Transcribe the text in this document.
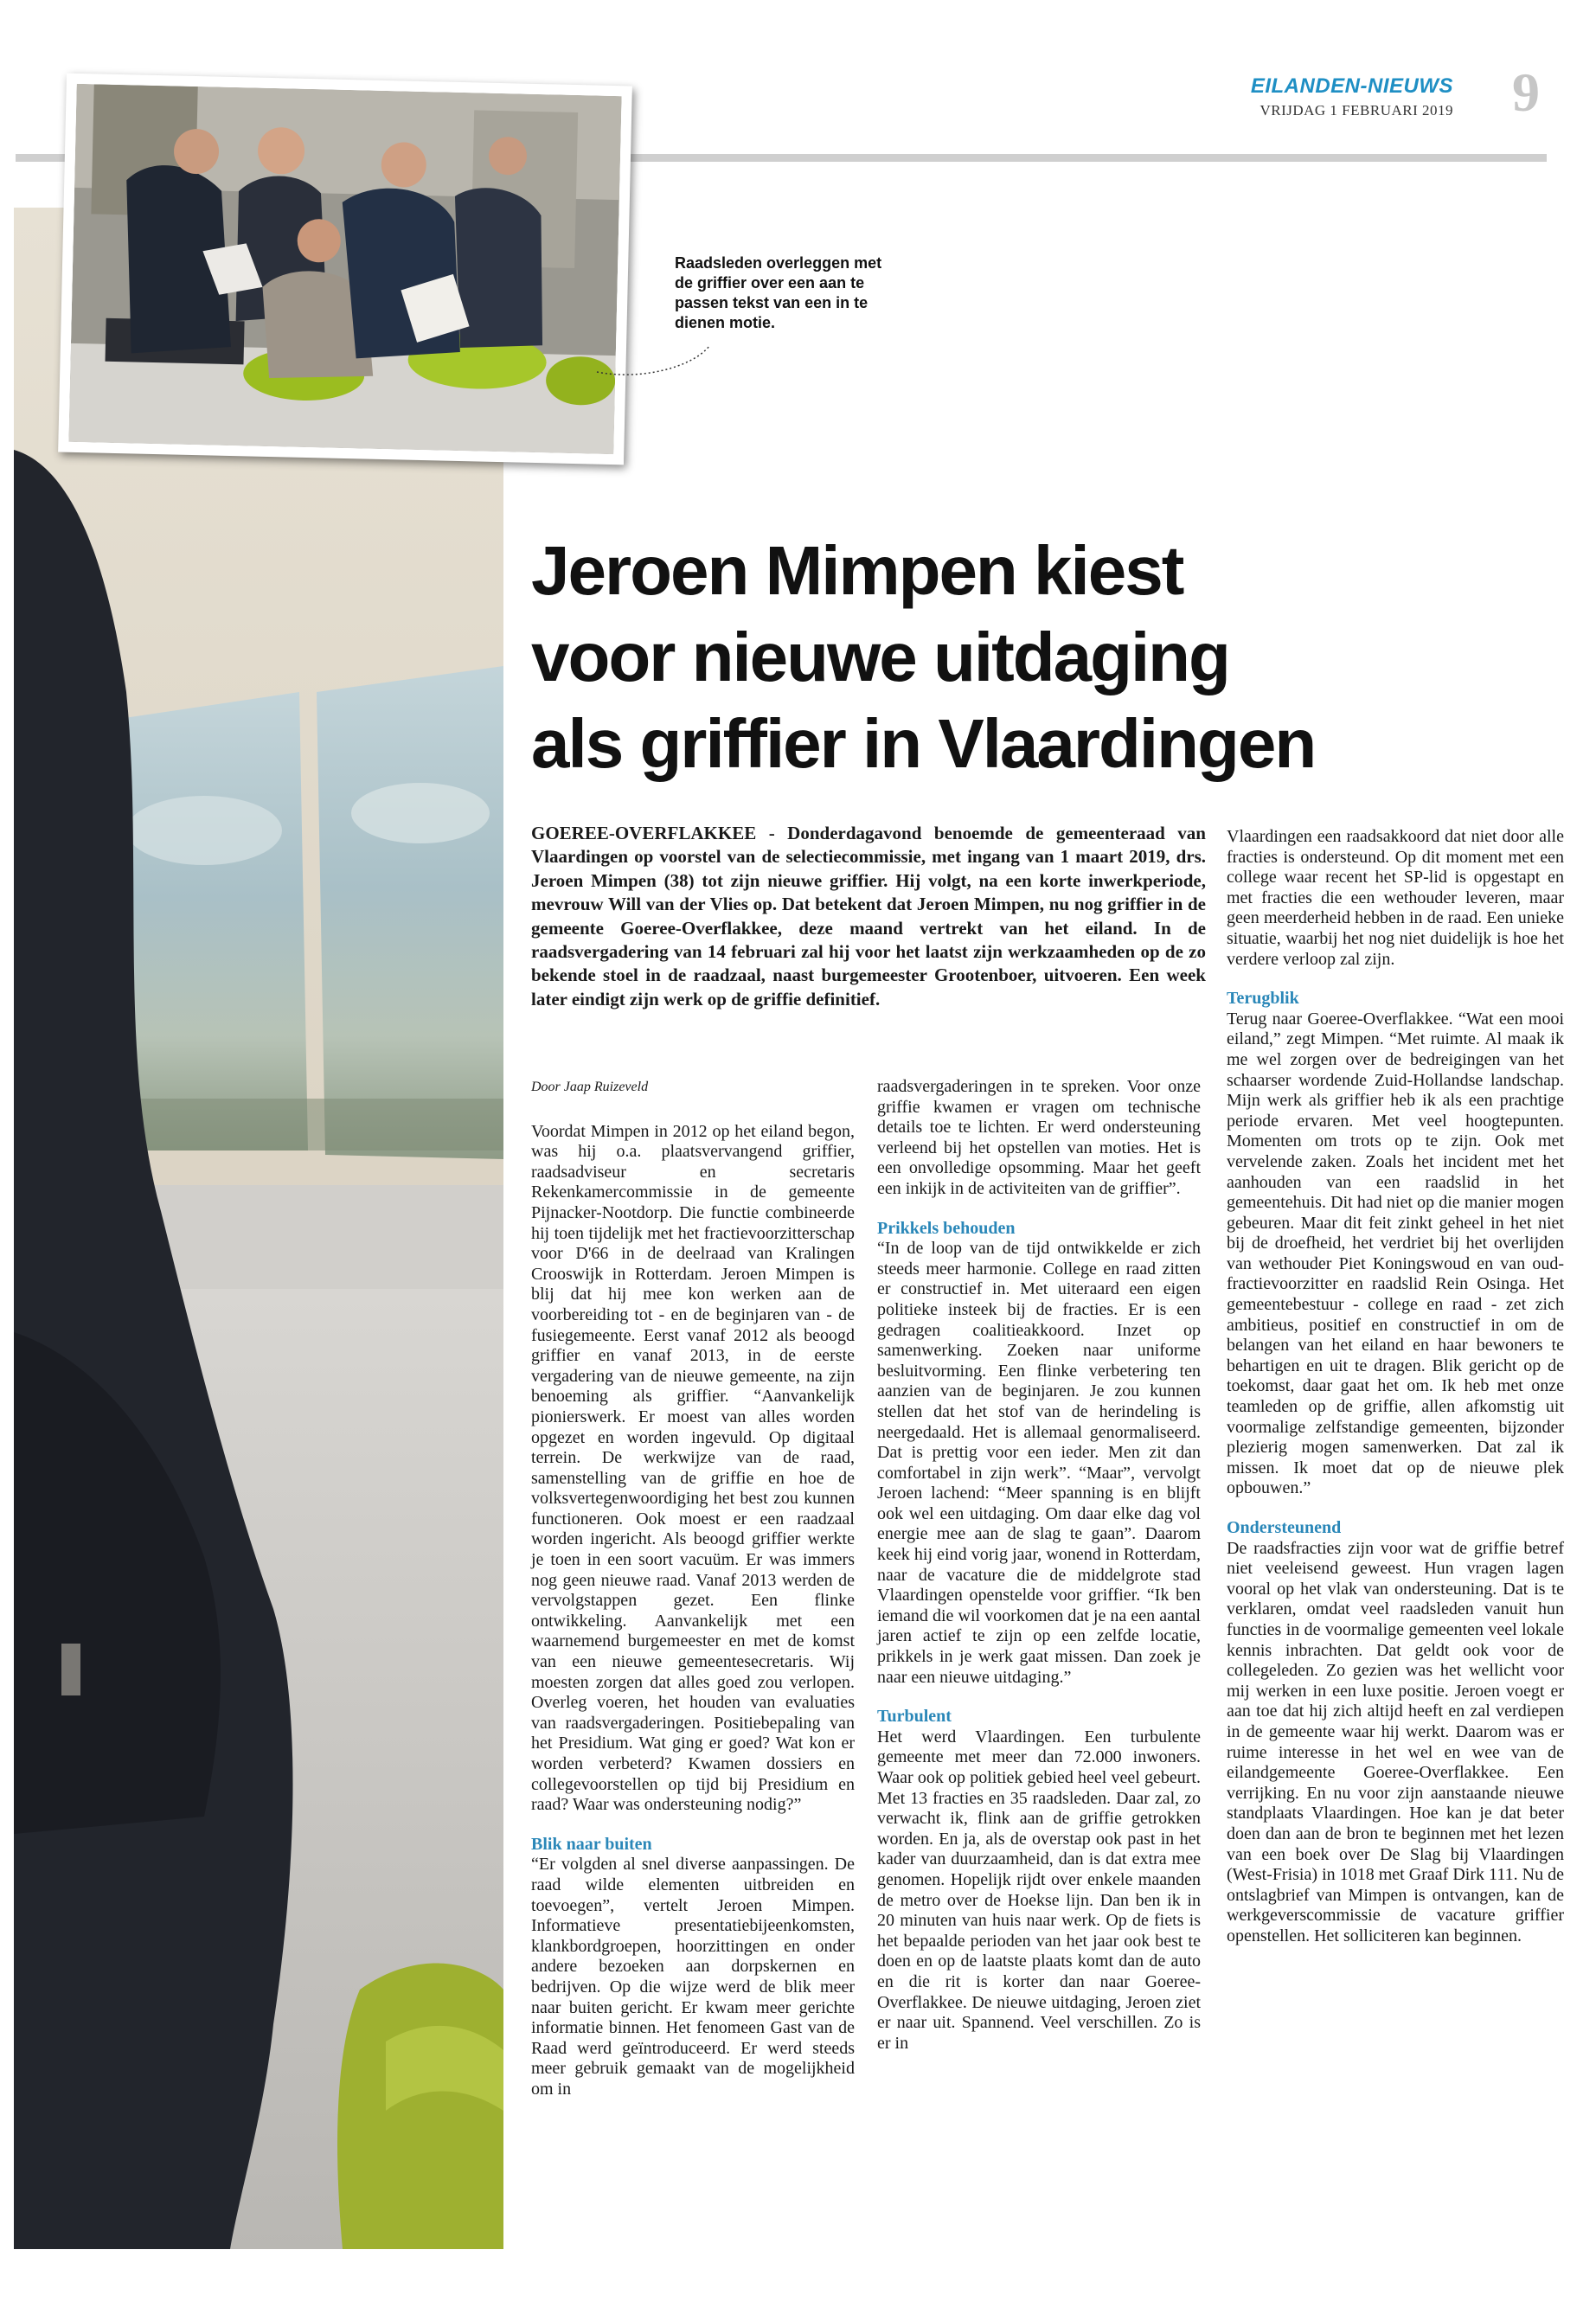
EILANDEN-NIEUWS
VRIJDAG 1 FEBRUARI 2019 9
Raadsleden overleggen met de griffier over een aan te passen tekst van een in te dienen motie.
Jeroen Mimpen kiest
voor nieuwe uitdaging
als griffier in Vlaardingen
GOEREE-OVERFLAKKEE - Donderdagavond benoemde de gemeenteraad van Vlaardingen op voorstel van de selectiecommissie, met ingang van 1 maart 2019, drs. Jeroen Mimpen (38) tot zijn nieuwe griffier. Hij volgt, na een korte inwerkperiode, mevrouw Will van der Vlies op. Dat betekent dat Jeroen Mimpen, nu nog griffier in de gemeente Goeree-Overflakkee, deze maand vertrekt van het eiland. In de raadsvergadering van 14 februari zal hij voor het laatst zijn werkzaamheden op de zo bekende stoel in de raadzaal, naast burgemeester Grootenboer, uitvoeren. Een week later eindigt zijn werk op de griffie definitief.

Door Jaap Ruizeveld

Voordat Mimpen in 2012 op het eiland begon, was hij o.a. plaatsvervangend griffier, raadsadviseur en secretaris Rekenkamercommissie in de gemeente Pijnacker-Nootdorp. Die functie combineerde hij toen tijdelijk met het fractievoorzitterschap voor D'66 in de deelraad van Kralingen Crooswijk in Rotterdam. Jeroen Mimpen is blij dat hij mee kon werken aan de voorbereiding tot - en de beginjaren van - de fusiegemeente. Eerst vanaf 2012 als beoogd griffier en vanaf 2013, in de eerste vergadering van de nieuwe gemeente, na zijn benoeming als griffier. “Aanvankelijk pionierswerk. Er moest van alles worden opgezet en worden ingevuld. Op digitaal terrein. De werkwijze van de raad, samenstelling van de griffie en hoe de volksvertegenwoordiging het best zou kunnen functioneren. Ook moest er een raadzaal worden ingericht. Als beoogd griffier werkte je toen in een soort vacuüm. Er was immers nog geen nieuwe raad. Vanaf 2013 werden de vervolgstappen gezet. Een flinke ontwikkeling. Aanvankelijk met een waarnemend burgemeester en met de komst van een nieuwe gemeentesecretaris. Wij moesten zorgen dat alles goed zou verlopen. Overleg voeren, het houden van evaluaties van raadsvergaderingen. Positiebepaling van het Presidium. Wat ging er goed? Wat kon er worden verbeterd? Kwamen dossiers en collegevoorstellen op tijd bij Presidium en raad? Waar was ondersteuning nodig?”

Blik naar buiten

“Er volgden al snel diverse aanpassingen. De raad wilde elementen uitbreiden en toevoegen”, vertelt Jeroen Mimpen. Informatieve presentatiebijeenkomsten, klankbordgroepen, hoorzittingen en onder andere bezoeken aan dorpskernen en bedrijven. Op die wijze werd de blik meer naar buiten gericht. Er kwam meer gerichte informatie binnen. Het fenomeen Gast van de Raad werd geïntroduceerd. Er werd steeds meer gebruik gemaakt van de mogelijkheid om in

raadsvergaderingen in te spreken. Voor onze griffie kwamen er vragen om technische details toe te lichten. Er werd ondersteuning verleend bij het opstellen van moties. Het is een onvolledige opsomming. Maar het geeft een inkijk in de activiteiten van de griffier”.

Prikkels behouden

“In de loop van de tijd ontwikkelde er zich steeds meer harmonie. College en raad zitten er constructief in. Met uiteraard een eigen politieke insteek bij de fracties. Er is een gedragen coalitieakkoord. Inzet op samenwerking. Zoeken naar uniforme besluitvorming. Een flinke verbetering ten aanzien van de beginjaren. Je zou kunnen stellen dat het stof van de herindeling is neergedaald. Het is allemaal genormaliseerd. Dat is prettig voor een ieder. Men zit dan comfortabel in zijn werk”. “Maar”, vervolgt Jeroen lachend: “Meer spanning is en blijft ook wel een uitdaging. Om daar elke dag vol energie mee aan de slag te gaan”. Daarom keek hij eind vorig jaar, wonend in Rotterdam, naar de vacature die de middelgrote stad Vlaardingen openstelde voor griffier. “Ik ben iemand die wil voorkomen dat je na een aantal jaren actief te zijn op een zelfde locatie, prikkels in je werk gaat missen. Dan zoek je naar een nieuwe uitdaging.”

Turbulent

Het werd Vlaardingen. Een turbulente gemeente met meer dan 72.000 inwoners. Waar ook op politiek gebied heel veel gebeurt. Met 13 fracties en 35 raadsleden. Daar zal, zo verwacht ik, flink aan de griffie getrokken worden. En ja, als de overstap ook past in het kader van duurzaamheid, dan is dat extra mee genomen. Hopelijk rijdt over enkele maanden de metro over de Hoekse lijn. Dan ben ik in 20 minuten van huis naar werk. Op de fiets is het bepaalde perioden van het jaar ook best te doen en op de laatste plaats komt dan de auto en die rit is korter dan naar Goeree-Overflakkee. De nieuwe uitdaging, Jeroen ziet er naar uit. Spannend. Veel verschillen. Zo is er in

Vlaardingen een raadsakkoord dat niet door alle fracties is ondersteund. Op dit moment met een college waar recent het SP-lid is opgestapt en met fracties die een wethouder leveren, maar geen meerderheid hebben in de raad. Een unieke situatie, waarbij het nog niet duidelijk is hoe het verdere verloop zal zijn.

Terugblik

Terug naar Goeree-Overflakkee. “Wat een mooi eiland,” zegt Mimpen. “Met ruimte. Al maak ik me wel zorgen over de bedreigingen van het schaarser wordende Zuid-Hollandse landschap. Mijn werk als griffier heb ik als een prachtige periode ervaren. Met veel hoogtepunten. Momenten om trots op te zijn. Ook met vervelende zaken. Zoals het incident met het aanhouden van een raadslid in het gemeentehuis. Dit had niet op die manier mogen gebeuren. Maar dit feit zinkt geheel in het niet bij de droefheid, het verdriet bij het overlijden van wethouder Piet Koningswoud en van oud-fractievoorzitter en raadslid Rein Osinga. Het gemeentebestuur - college en raad - zet zich ambitieus, positief en constructief in om de belangen van het eiland en haar bewoners te behartigen en uit te dragen. Blik gericht op de toekomst, daar gaat het om. Ik heb met onze teamleden op de griffie, allen afkomstig uit voormalige zelfstandige gemeenten, bijzonder plezierig mogen samenwerken. Dat zal ik missen. Ik moet dat op de nieuwe plek opbouwen.”

Ondersteunend

De raadsfracties zijn voor wat de griffie betref niet veeleisend geweest. Hun vragen lagen vooral op het vlak van ondersteuning. Dat is te verklaren, omdat veel raadsleden vanuit hun functies in de voormalige gemeenten veel lokale kennis inbrachten. Dat geldt ook voor de collegeleden. Zo gezien was het wellicht voor mij werken in een luxe positie. Jeroen voegt er aan toe dat hij zich altijd heeft en zal verdiepen in de gemeente waar hij werkt. Daarom was er ruime interesse in het wel en wee van de eilandgemeente Goeree-Overflakkee. Een verrijking. En nu voor zijn aanstaande nieuwe standplaats Vlaardingen. Hoe kan je dat beter doen dan aan de bron te beginnen met het lezen van een boek over De Slag bij Vlaardingen (West-Frisia) in 1018 met Graaf Dirk 111. Nu de ontslagbrief van Mimpen is ontvangen, kan de werkgeverscommissie de vacature griffier openstellen. Het solliciteren kan beginnen.
